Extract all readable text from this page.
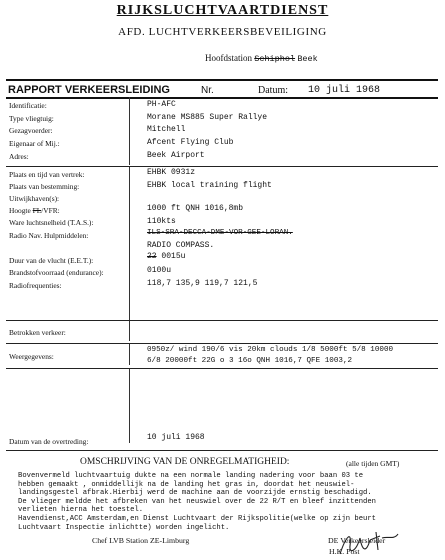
RIJKSLUCHTVAARTDIENST
AFD. LUCHTVERKEERSBEVEILIGING
Hoofdstation Schiphol Beek
RAPPORT VERKEERSLEIDING	Nr.	Datum: 10 juli 1968
Identificatie:	PH-AFC
Type vliegtuig:	Morane MS885 Super Rallye
Gezagvoerder:	Mitchell
Eigenaar of Mij.:	Afcent Flying Club
Adres:	Beek Airport
Plaats en tijd van vertrek:	EHBK 0931z
Plaats van bestemming:	EHBK local training flight
Uitwijkhaven(s):
Hoogte FL/VFR:	1000 ft QNH 1016,8mb
Ware luchtsnelheid (T.A.S.):	110kts
Radio Nav. Hulpmiddelen:	ILS-SRA-DECCA-DME-VOR-GEE-LORAN.
RADIO COMPASS.
Duur van de vlucht (E.E.T.):	22 0015u
Brandstofvoorraad (endurance):	0100u
Radiofrequenties:	118,7 135,9 119,7 121,5
Betrokken verkeer:
Weergegevens:
0950z/ wind 190/6 vis 20km clouds 1/8 5000ft 5/8 10000
6/8 20000ft 22G o 3 16o QNH 1016,7 QFE 1003,2
Datum van de overtreding:	10 juli 1968
OMSCHRIJVING VAN DE ONREGELMATIGHEID:	(alle tijden GMT)
Chef LVB Station ZE-Limburg	DE Verkeersleider
H.K. Post
Bovenvermeld luchtvaartuig dukte na een normale landing nadering voor baan 03 te
hebben gemaakt , onmiddellijk na de landing het gras in, doordat het neuswiel-
landingsgestel afbrak.Hierbij werd de machine aan de voorzijde ernstig beschadigd.
De vlieger meldde het afbreken van het neuswiel over de 22 R/T en bleef inzittenden
verlieten hierna het toestel.
Havendienst,ACC Amsterdam,en Dienst Luchtvaart der Rijkspolitie(welke op zijn beurt
Luchtvaart Inspectie inlichtte) worden ingelicht.
